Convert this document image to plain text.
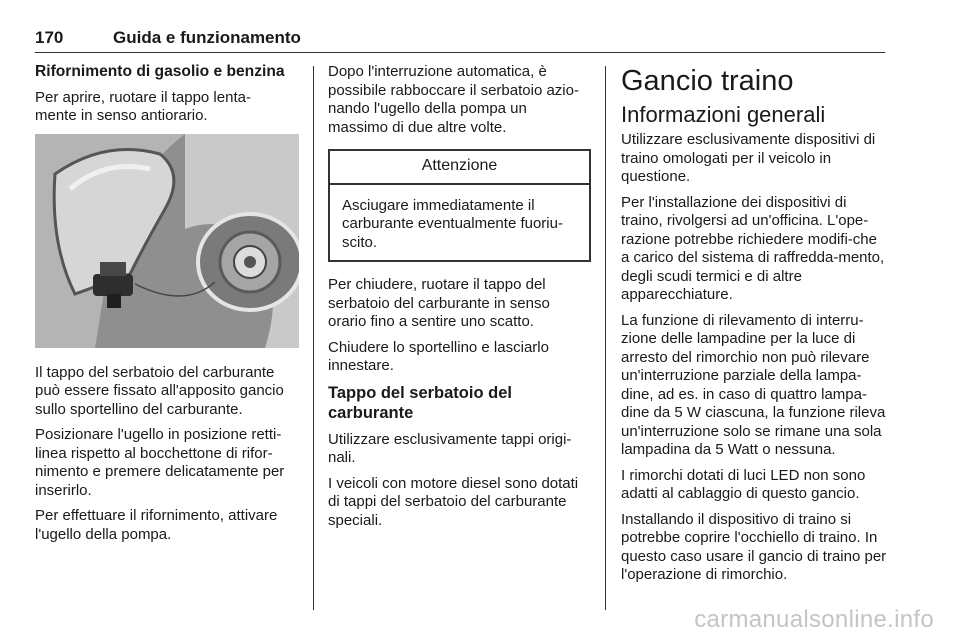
170	Guida e funzionamento
Rifornimento di gasolio e benzina

Per aprire, ruotare il tappo lenta-
mente in senso antiorario.

Il tappo del serbatoio del carburante può essere fissato all'apposito gancio sullo sportellino del carburante.

Posizionare l'ugello in posizione retti-linea rispetto al bocchettone di rifor-nimento e premere delicatamente per inserirlo.

Per effettuare il rifornimento, attivare l'ugello della pompa.

Dopo l'interruzione automatica, è possibile rabboccare il serbatoio azio-nando l'ugello della pompa un massimo di due altre volte.

Attenzione
Asciugare immediatamente il carburante eventualmente fuoriu-scito.

Per chiudere, ruotare il tappo del serbatoio del carburante in senso orario fino a sentire uno scatto.

Chiudere lo sportellino e lasciarlo innestare.

Tappo del serbatoio del carburante

Utilizzare esclusivamente tappi origi-nali.

I veicoli con motore diesel sono dotati di tappi del serbatoio del carburante speciali.

Gancio traino
Informazioni generali

Utilizzare esclusivamente dispositivi di traino omologati per il veicolo in questione.

Per l'installazione dei dispositivi di traino, rivolgersi ad un'officina. L'ope-razione potrebbe richiedere modifi-che a carico del sistema di raffredda-mento, degli scudi termici e di altre apparecchiature.

La funzione di rilevamento di interru-zione delle lampadine per la luce di arresto del rimorchio non può rilevare un'interruzione parziale della lampa-dine, ad es. in caso di quattro lampa-dine da 5 W ciascuna, la funzione rileva un'interruzione solo se rimane una sola lampadina da 5 Watt o nessuna.

I rimorchi dotati di luci LED non sono adatti al cablaggio di questo gancio.

Installando il dispositivo di traino si potrebbe coprire l'occhiello di traino. In questo caso usare il gancio di traino per l'operazione di rimorchio.

carmanualsonline.info
